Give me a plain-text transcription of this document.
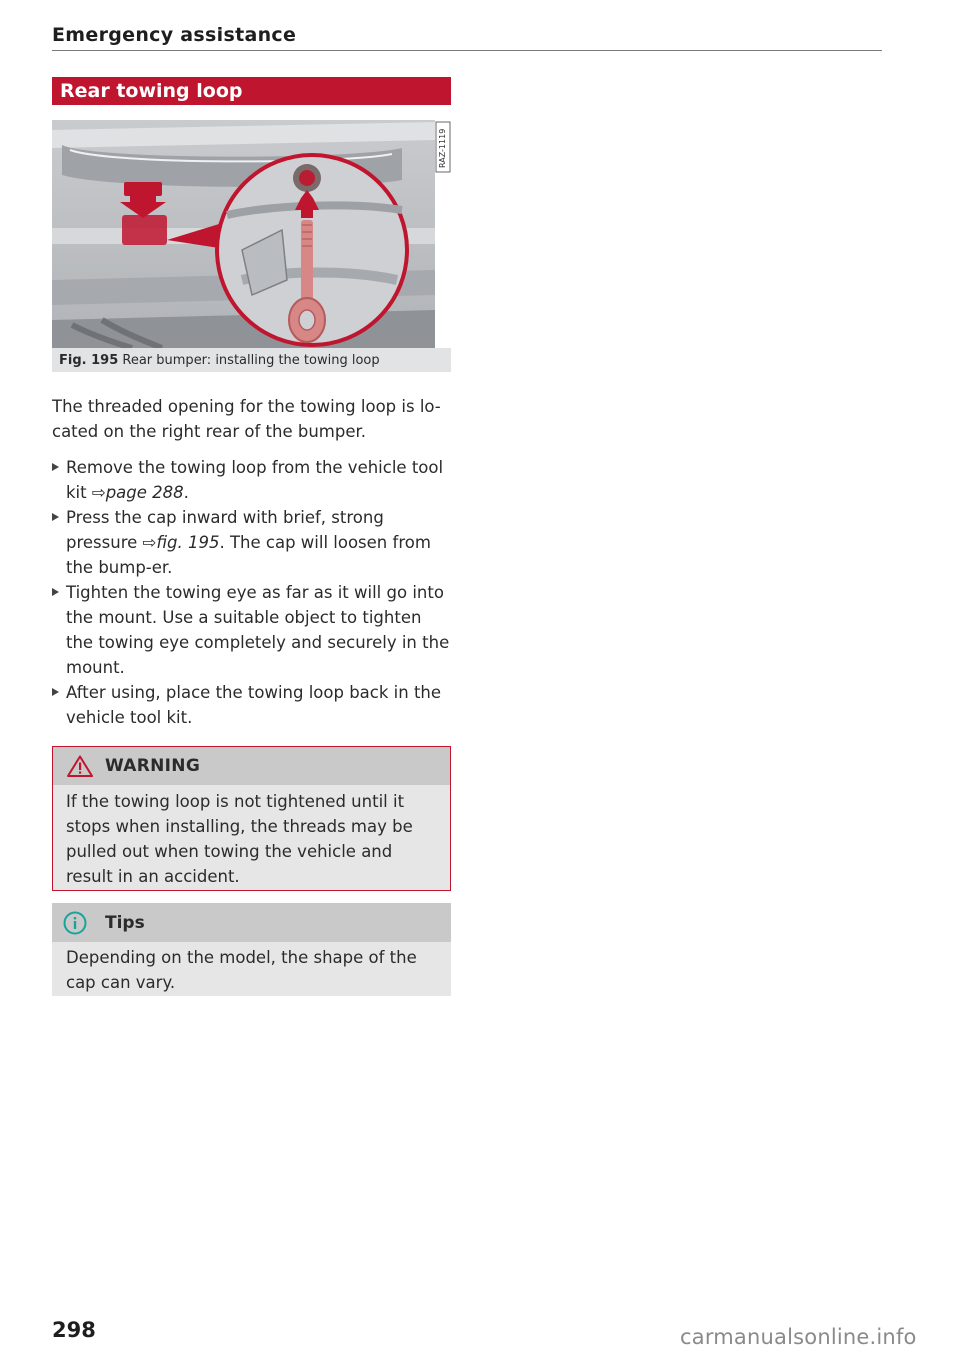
Emergency assistance
Rear towing loop
Fig. 195 Rear bumper: installing the towing loop
RAZ-1119
The threaded opening for the towing loop is lo-
cated on the right rear of the bumper.
Remove the towing loop from the vehicle tool kit ⇨page 288.
Press the cap inward with brief, strong pressure ⇨fig. 195. The cap will loosen from the bump-er.
Tighten the towing eye as far as it will go into the mount. Use a suitable object to tighten the towing eye completely and securely in the mount.
After using, place the towing loop back in the vehicle tool kit.
WARNING
If the towing loop is not tightened until it stops when installing, the threads may be pulled out when towing the vehicle and result in an accident.
Tips
Depending on the model, the shape of the cap can vary.
298	carmanualsonline.info
